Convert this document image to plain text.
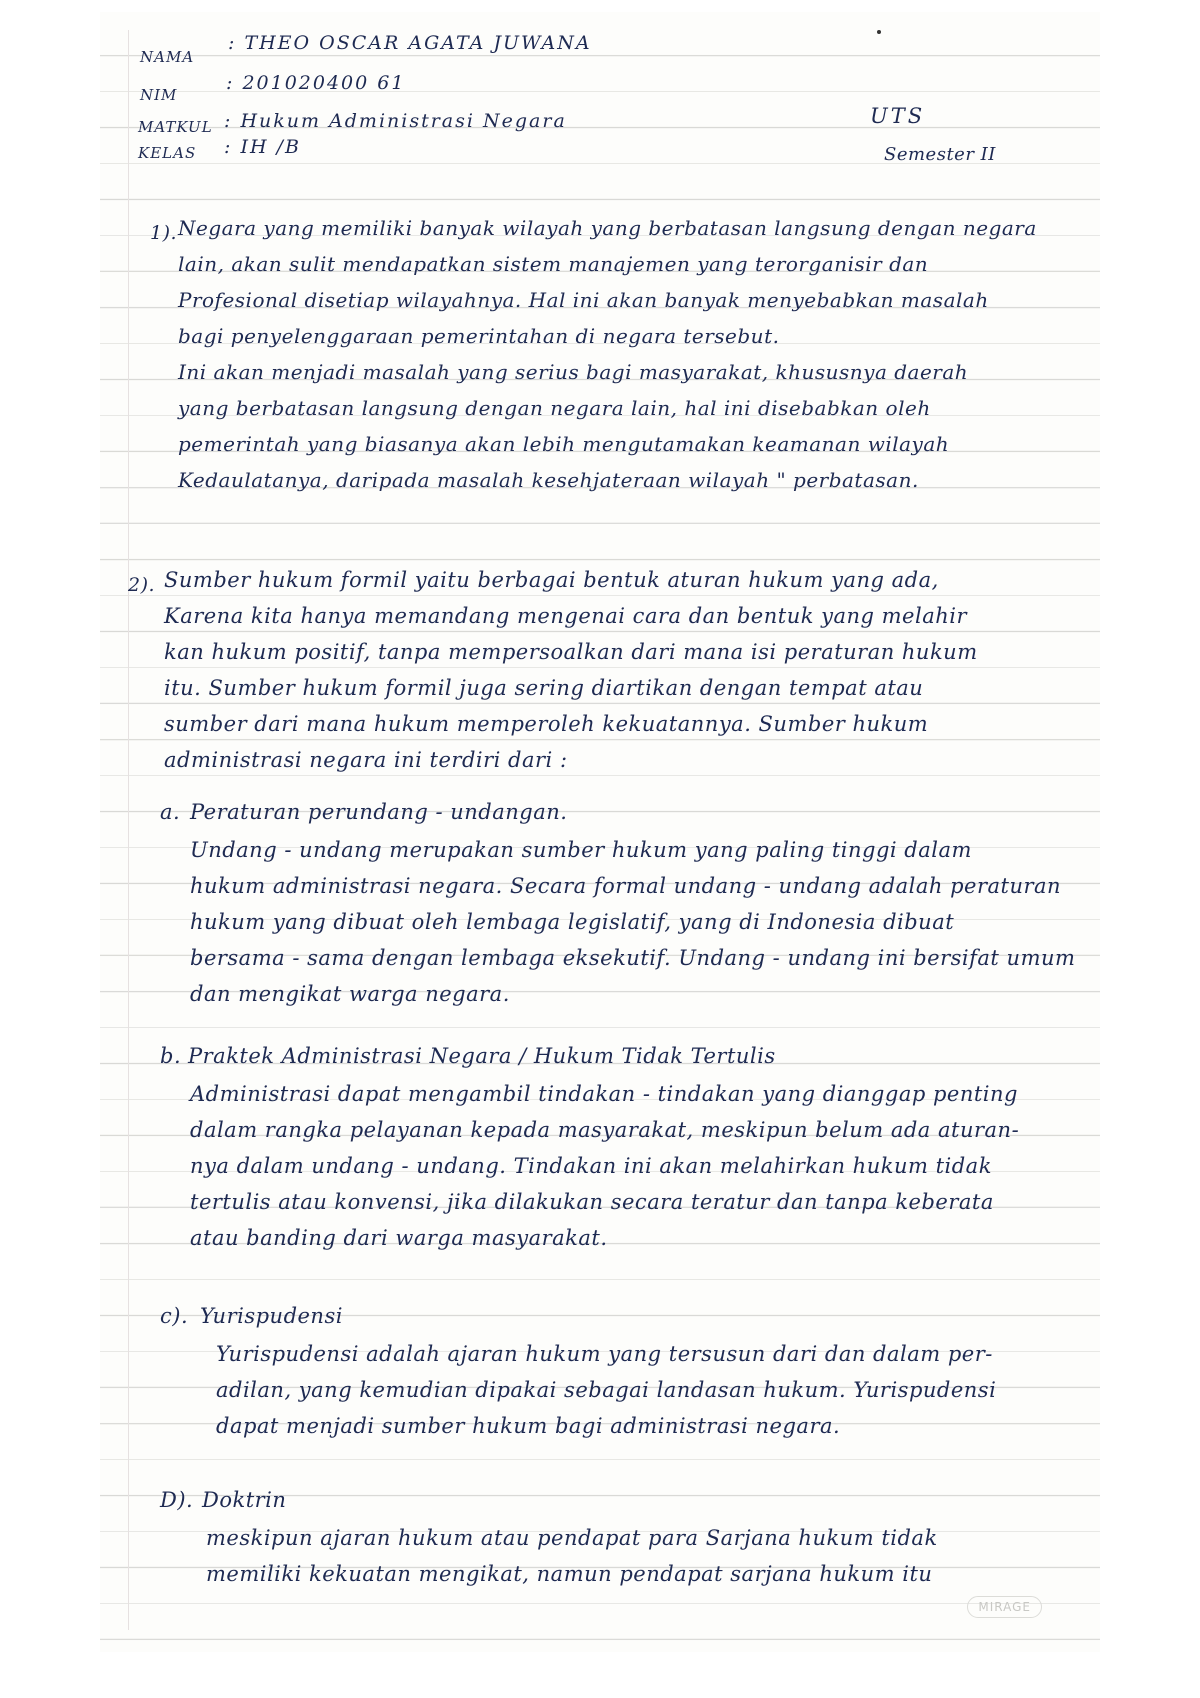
NAMA
: THEO OSCAR AGATA JUWANA
NIM
: 201020400 61
MATKUL : Hukum Administrasi Negara
KELAS : IH /B
UTS
Semester II
1). Negara yang memiliki banyak wilayah yang berbatasan langsung dengan negara
lain, akan sulit mendapatkan sistem manajemen yang terorganisir dan
Profesional disetiap wilayahnya. Hal ini akan banyak menyebabkan masalah
bagi penyelenggaraan pemerintahan di negara tersebut.
Ini akan menjadi masalah yang serius bagi masyarakat, khususnya daerah
yang berbatasan langsung dengan negara lain, hal ini disebabkan oleh
pemerintah yang biasanya akan lebih mengutamakan keamanan wilayah
Kedaulatanya, daripada masalah kesehjateraan wilayah " perbatasan.
2). Sumber hukum formil yaitu berbagai bentuk aturan hukum yang ada,
Karena kita hanya memandang mengenai cara dan bentuk yang melahir
kan hukum positif, tanpa mempersoalkan dari mana isi peraturan hukum
itu. Sumber hukum formil juga sering diartikan dengan tempat atau
sumber dari mana hukum memperoleh kekuatannya. Sumber hukum
administrasi negara ini terdiri dari :
a. Peraturan perundang - undangan.
Undang - undang merupakan sumber hukum yang paling tinggi dalam
hukum administrasi negara. Secara formal undang - undang adalah peraturan
hukum yang dibuat oleh lembaga legislatif, yang di Indonesia dibuat
bersama - sama dengan lembaga eksekutif. Undang - undang ini bersifat umum
dan mengikat warga negara.
b. Praktek Administrasi Negara / Hukum Tidak Tertulis
Administrasi dapat mengambil tindakan - tindakan yang dianggap penting
dalam rangka pelayanan kepada masyarakat, meskipun belum ada aturan-
nya dalam undang - undang. Tindakan ini akan melahirkan hukum tidak
tertulis atau konvensi, jika dilakukan secara teratur dan tanpa keberata
atau banding dari warga masyarakat.
c). Yurispudensi
Yurispudensi adalah ajaran hukum yang tersusun dari dan dalam per-
adilan, yang kemudian dipakai sebagai landasan hukum. Yurispudensi
dapat menjadi sumber hukum bagi administrasi negara.
D). Doktrin
meskipun ajaran hukum atau pendapat para Sarjana hukum tidak
memiliki kekuatan mengikat, namun pendapat sarjana hukum itu
MIRAGE
